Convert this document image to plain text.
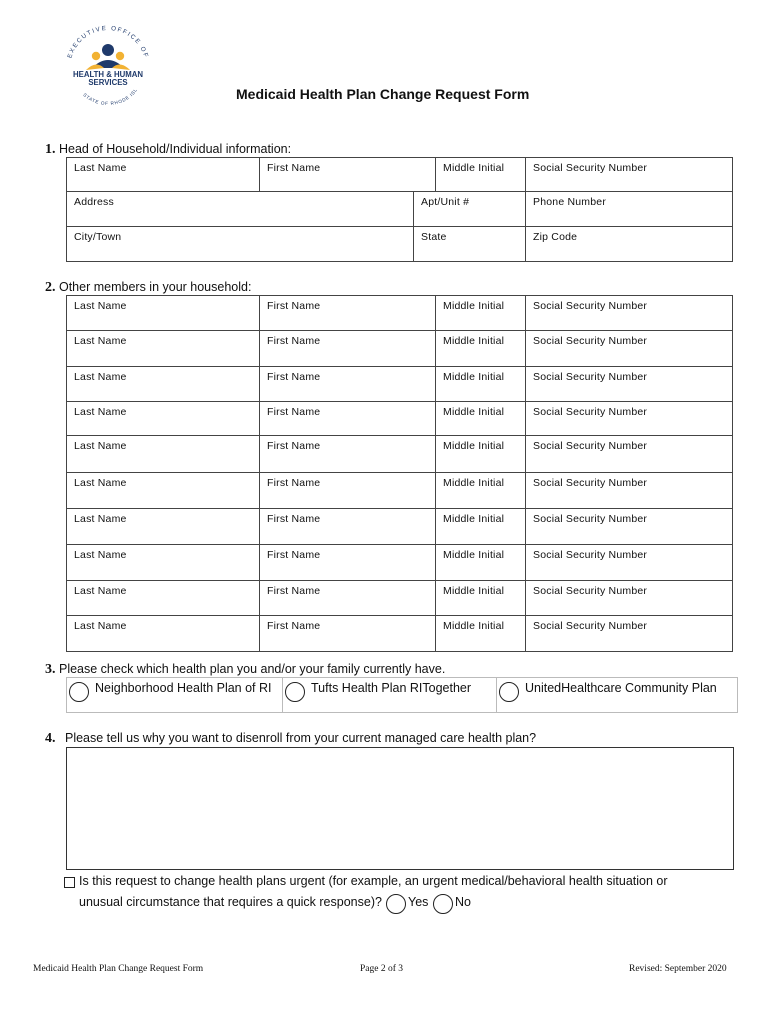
EXECUTIVE OFFICE OF
HEALTH & HUMAN
SERVICES
STATE OF RHODE ISL	Medicaid Health Plan Change Request Form
1. Head of Household/Individual information:
Last Name	First Name	Middle Initial	Social Security Number
Address	Apt/Unit #	Phone Number
City/Town	State	Zip Code
2. Other members in your household:
Last Name	First Name	Middle Initial	Social Security Number
Last Name	First Name	Middle Initial	Social Security Number
Last Name	First Name	Middle Initial	Social Security Number
Last Name	First Name	Middle Initial	Social Security Number
Last Name	First Name	Middle Initial	Social Security Number
Last Name	First Name	Middle Initial	Social Security Number
Last Name	First Name	Middle Initial	Social Security Number
Last Name	First Name	Middle Initial	Social Security Number
Last Name	First Name	Middle Initial	Social Security Number
Last Name	First Name	Middle Initial	Social Security Number
3. Please check which health plan you and/or your family currently have.
Neighborhood Health Plan of RI	Tufts Health Plan RITogether	UnitedHealthcare Community Plan
4. Please tell us why you want to disenroll from your current managed care health plan?
Is this request to change health plans urgent (for example, an urgent medical/behavioral health situation or
unusual circumstance that requires a quick response)? Yes No
Medicaid Health Plan Change Request Form	Page 2 of 3	Revised: September 2020
